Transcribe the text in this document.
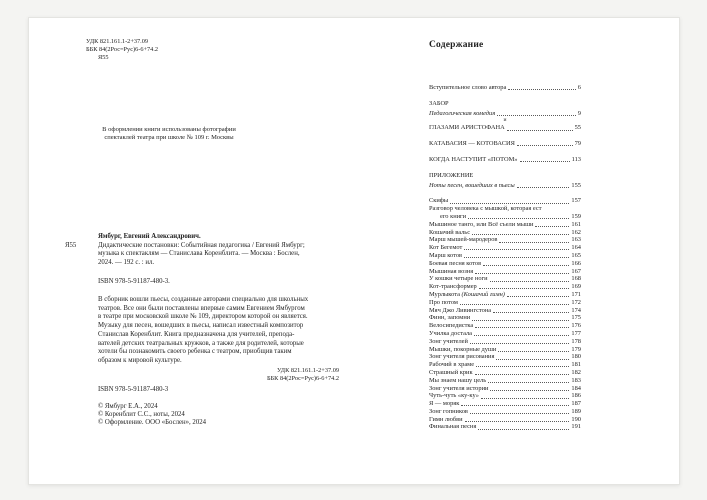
УДК 821.161.1-2+37.09
ББК 84(2Рос=Рус)6-6+74.2
Я55
В оформлении книги использованы фотографии
спектаклей театра при школе № 109 г. Москвы
Я55
Ямбург, Евгений Александрович.
Дидактические постановки: Событийная педагогика / Евгений Ямбург;
музыка к спектаклям — Станислава Коренблита. — Москва : Бослен,
2024. — 192 с. : ил.
ISBN 978-5-91187-480-3.
В сборник вошли пьесы, созданные авторами специально для школьных
театров. Все они были поставлены впервые самим Евгением Ямбургом
в театре при московской школе № 109, директором которой он является.
Музыку для песен, вошедших в пьесы, написал известный композитор
Станислав Коренблит. Книга предназначена для учителей, препода-
вателей детских театральных кружков, а также для родителей, которые
хотели бы познакомить своего ребенка с театром, приобщив таким
образом к мировой культуре.
УДК 821.161.1-2+37.09
ББК 84(2Рос=Рус)6-6+74.2
ISBN 978-5-91187-480-3
© Ямбург Е.А., 2024
© Коренблит С.С., ноты, 2024
© Оформление. ООО «Бослен», 2024
Содержание
Вступительное слово автора	6
ЗАБОР
Педагогическая комедия	9
и
ГЛАЗАМИ АРИСТОФАНА	55
КАТАВАСИЯ — КОТОВАСИЯ	79
КОГДА НАСТУПИТ «ПОТОМ»	113
ПРИЛОЖЕНИЕ
Ноты песен, вошедших в пьесы	155
Скифы	157
Разговор человека с мышкой, которая ест
его книги	159
Мышиное танго, или Всё съели мыши	161
Кошачий вальс	162
Марш мышей-мародеров	163
Кот Бегемот	164
Марш котов	165
Боевая песня котов	166
Мышиная возня	167
У кошки четыре ноги	168
Кот-трансформер	169
Мурлыкота (Кошачий гимн)	171
Про потом	172
Мяч Джо Ливингстона	174
Финн, запомни	175
Велосипедистка	176
Училка достала	177
Зонг учителей	178
Мышки, покорные души	179
Зонг учителя рисования	180
Рабочий в храме	181
Страшный крик	182
Мы знаем нашу цель	183
Зонг учителя истории	184
Чуть-чуть «ку-ку»	186
Я — моряк	187
Зонг гопников	189
Гимн любви	190
Финальная песня	191
